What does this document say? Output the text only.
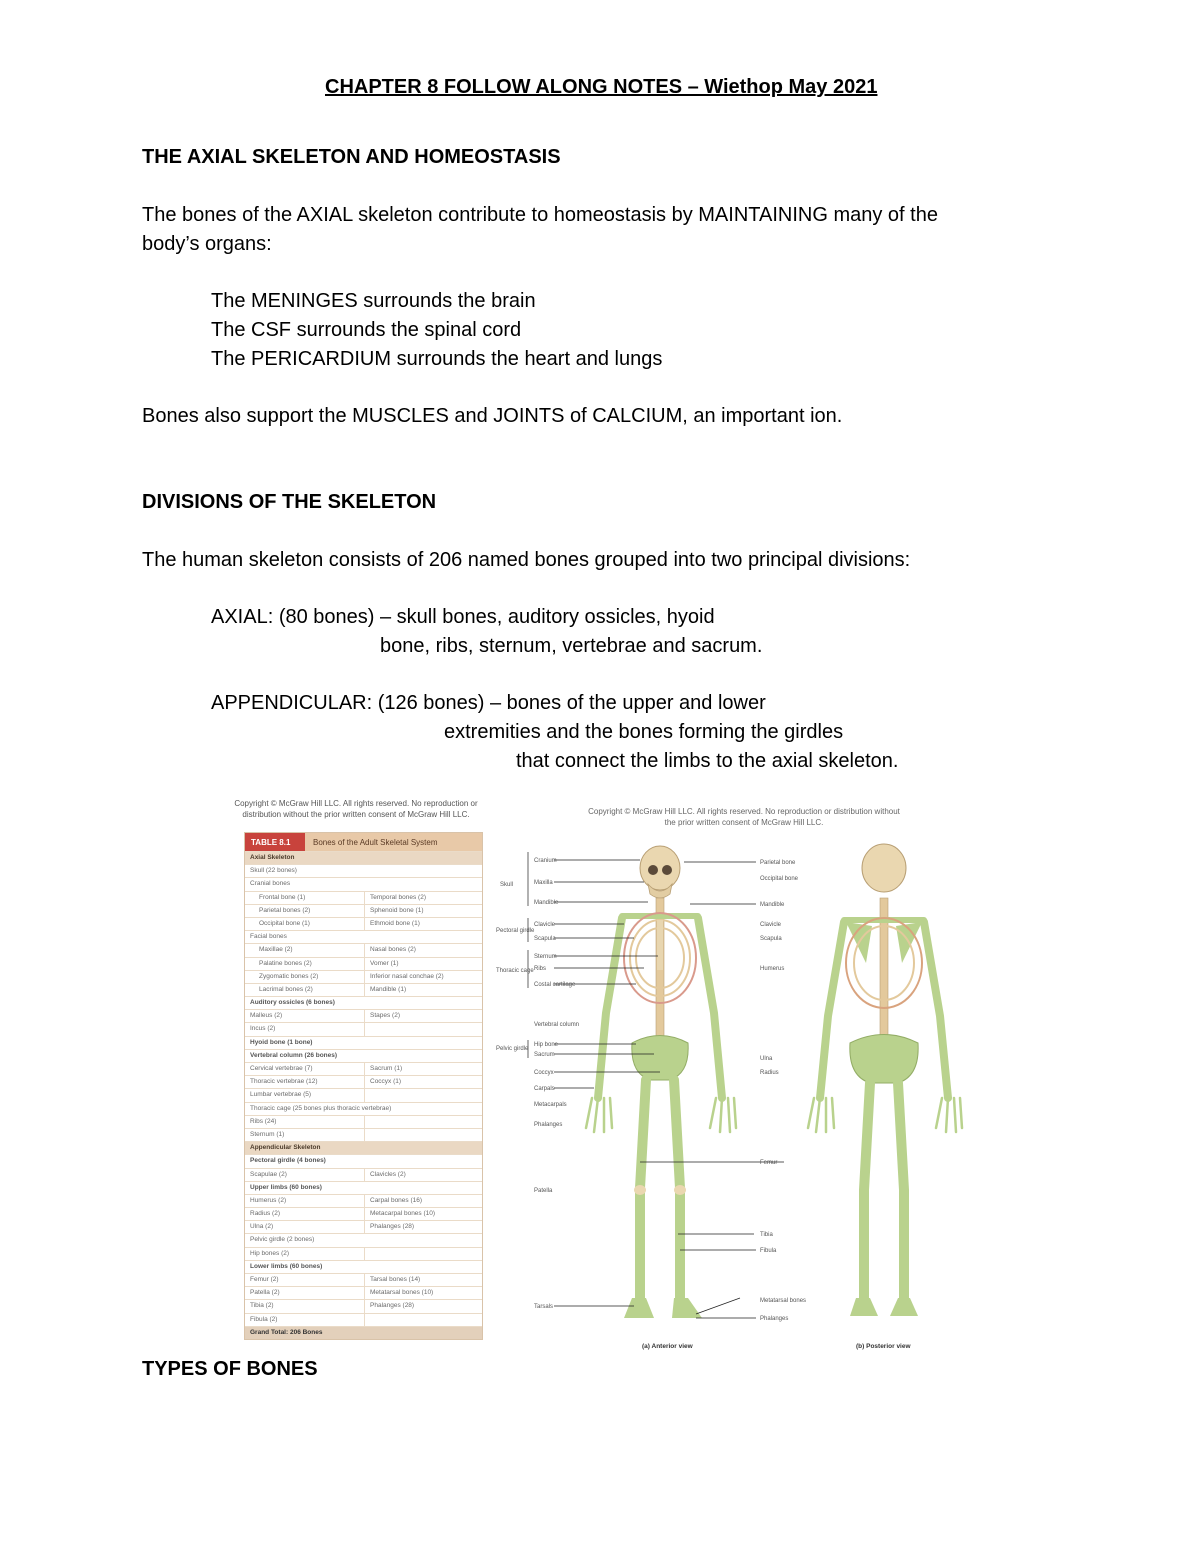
CHAPTER 8 FOLLOW ALONG NOTES – Wiethop May 2021
THE AXIAL SKELETON AND HOMEOSTASIS
The bones of the AXIAL skeleton contribute to homeostasis by MAINTAINING many of the
body’s organs:
The MENINGES surrounds the brain
The CSF surrounds the spinal cord
The PERICARDIUM surrounds the heart and lungs
Bones also support the MUSCLES and JOINTS of CALCIUM, an important ion.
DIVISIONS OF THE SKELETON
The human skeleton consists of 206 named bones grouped into two principal divisions:
AXIAL: (80 bones) – skull bones, auditory ossicles, hyoid
bone, ribs, sternum, vertebrae and sacrum.
APPENDICULAR: (126 bones) – bones of the upper and lower
extremities and the bones forming the girdles
that connect the limbs to the axial skeleton.
Copyright © McGraw Hill LLC. All rights reserved. No reproduction or distribution without the prior written consent of McGraw Hill LLC.
TABLE 8.1	Bones of the Adult Skeletal System
Axial Skeleton
Skull (22 bones)
Cranial bones
Frontal bone (1)	Temporal bones (2)
Parietal bones (2)	Sphenoid bone (1)
Occipital bone (1)	Ethmoid bone (1)
Facial bones
Maxillae (2)	Nasal bones (2)
Palatine bones (2)	Vomer (1)
Zygomatic bones (2)	Inferior nasal conchae (2)
Lacrimal bones (2)	Mandible (1)
Auditory ossicles (6 bones)
Malleus (2)	Stapes (2)
Incus (2)
Hyoid bone (1 bone)
Vertebral column (26 bones)
Cervical vertebrae (7)	Sacrum (1)
Thoracic vertebrae (12)	Coccyx (1)
Lumbar vertebrae (5)
Thoracic cage (25 bones plus thoracic vertebrae)
Ribs (24)
Sternum (1)
Appendicular Skeleton
Pectoral girdle (4 bones)
Scapulae (2)	Clavicles (2)
Upper limbs (60 bones)
Humerus (2)	Carpal bones (16)
Radius (2)	Metacarpal bones (10)
Ulna (2)	Phalanges (28)
Pelvic girdle (2 bones)
Hip bones (2)
Lower limbs (60 bones)
Femur (2)	Tarsal bones (14)
Patella (2)	Metatarsal bones (10)
Tibia (2)	Phalanges (28)
Fibula (2)
Grand Total: 206 Bones
Skull
Cranium
Maxilla
Mandible
Pectoral girdle
Clavicle
Scapula
Thoracic cage
Sternum
Ribs
Costal cartilage
Vertebral column
Pelvic girdle
Hip bone
Sacrum
Coccyx
Carpals
Metacarpals
Phalanges
Patella
Tarsals
Parietal bone
Occipital bone
Mandible
Clavicle
Scapula
Humerus
Ulna
Radius
Femur
Tibia
Fibula
Metatarsal bones
Phalanges
(a) Anterior view	(b) Posterior view
Copyright © McGraw Hill LLC. All rights reserved. No reproduction or distribution without the prior written consent of McGraw Hill LLC.
TYPES OF BONES
